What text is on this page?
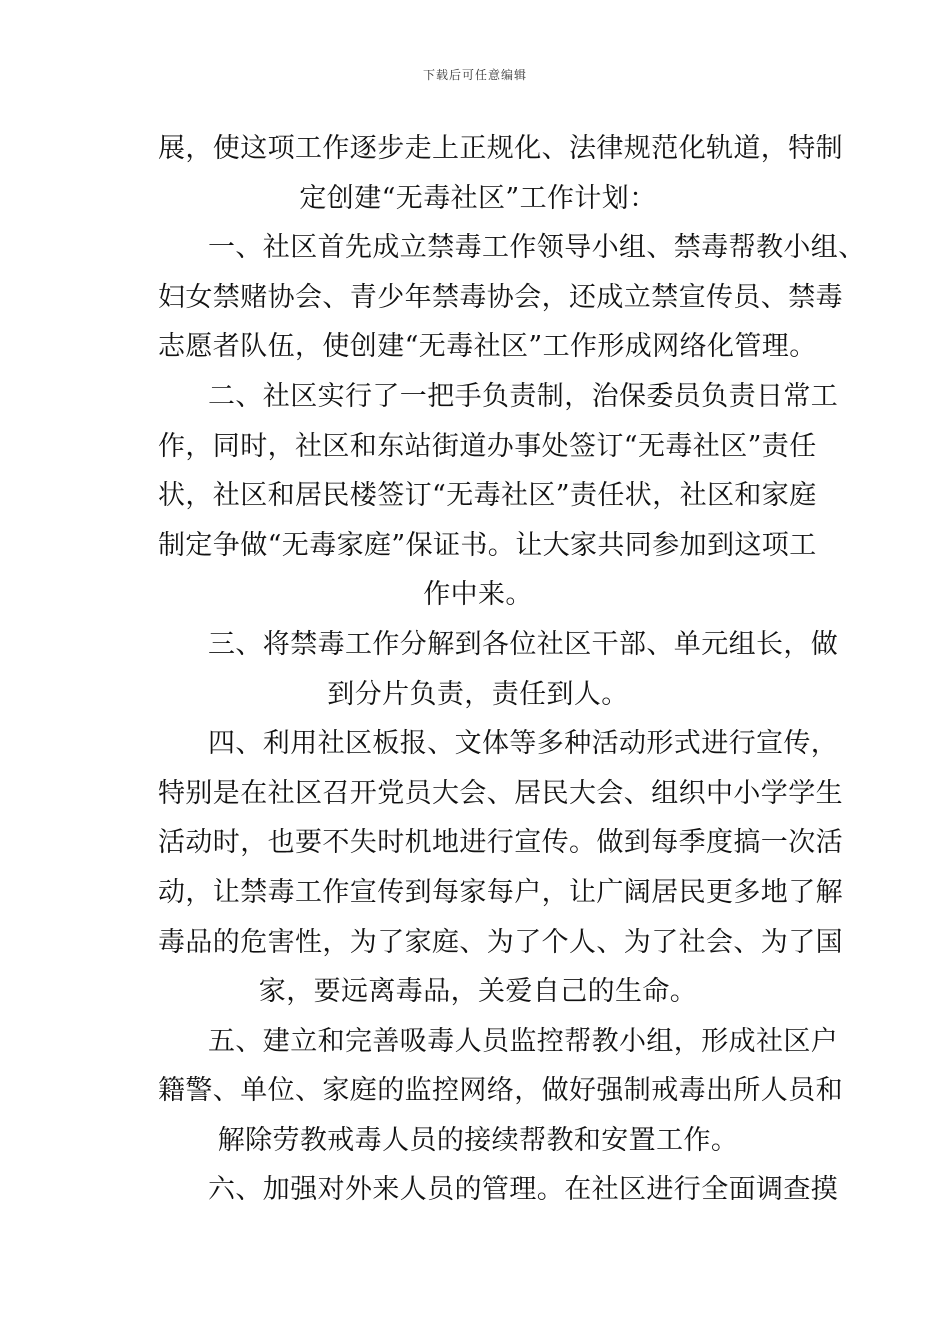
下载后可任意编辑
展，使这项工作逐步走上正规化、法律规范化轨道，特制
定创建“无毒社区”工作计划：
一、社区首先成立禁毒工作领导小组、禁毒帮教小组、
妇女禁赌协会、青少年禁毒协会，还成立禁宣传员、禁毒
志愿者队伍，使创建“无毒社区”工作形成网络化管理。
二、社区实行了一把手负责制，治保委员负责日常工
作，同时，社区和东站街道办事处签订“无毒社区”责任
状，社区和居民楼签订“无毒社区”责任状，社区和家庭
制定争做“无毒家庭”保证书。让大家共同参加到这项工
作中来。
三、将禁毒工作分解到各位社区干部、单元组长，做
到分片负责，责任到人。
四、利用社区板报、文体等多种活动形式进行宣传，
特别是在社区召开党员大会、居民大会、组织中小学学生
活动时，也要不失时机地进行宣传。做到每季度搞一次活
动，让禁毒工作宣传到每家每户，让广阔居民更多地了解
毒品的危害性，为了家庭、为了个人、为了社会、为了国
家，要远离毒品，关爱自己的生命。
五、建立和完善吸毒人员监控帮教小组，形成社区户
籍警、单位、家庭的监控网络，做好强制戒毒出所人员和
解除劳教戒毒人员的接续帮教和安置工作。
六、加强对外来人员的管理。在社区进行全面调查摸
